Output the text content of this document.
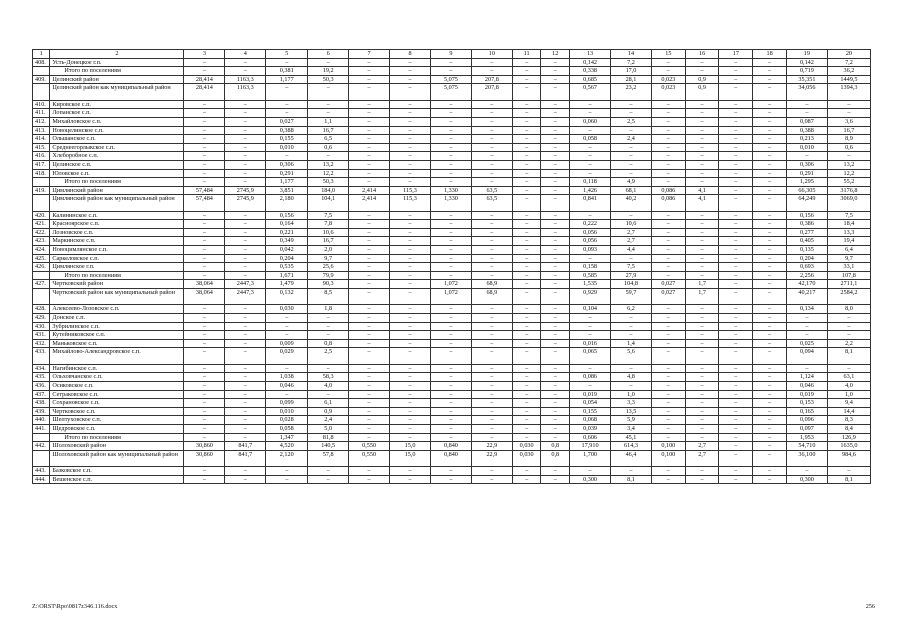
1	2	3	4	5	6	7	8	9	10	11	12	13	14	15	16	17	18	19	20
408.	Усть-Донецкое г.п.	–	–	–	–	–	–	–	–	–	–	0,142	7,2	–	–	–	–	0,142	7,2
	Итого по поселениям	–	–	0,381	19,2	–	–	–	–	–	–	0,338	17,0	–	–	–	–	0,719	36,2
409.	Целинский район	28,414	1163,3	1,177	50,3	–	–	5,075	207,8	–	–	0,685	28,1	0,023	0,9	–	–	35,351	1449,5
	Целинский район как муниципальный район	28,414	1163,3	–	–	–	–	5,075	207,8	–	–	0,567	23,2	0,023	0,9	–	–	34,056	1394,3
410.	Кировское с.п.	–	–	–	–	–	–	–	–	–	–	–	–	–	–	–	–	–	–
411.	Лопанское с.п.	–	–	–	–	–	–	–	–	–	–	–	–	–	–	–	–	–	–
412.	Михайловское с.п.	–	–	0,027	1,1	–	–	–	–	–	–	0,060	2,5	–	–	–	–	0,087	3,6
413.	Новоцелинское с.п.	–	–	0,388	16,7	–	–	–	–	–	–	–	–	–	–	–	–	0,388	16,7
414.	Ольшанское с.п.	–	–	0,155	6,5	–	–	–	–	–	–	0,058	2,4	–	–	–	–	0,213	8,9
415.	Среднеегорлыкское с.п.	–	–	0,010	0,6	–	–	–	–	–	–	–	–	–	–	–	–	0,010	0,6
416.	Хлеборобное с.п.	–	–	–	–	–	–	–	–	–	–	–	–	–	–	–	–	–	–
417.	Целинское с.п.	–	–	0,306	13,2	–	–	–	–	–	–	–	–	–	–	–	–	0,306	13,2
418.	Юловское с.п.	–	–	0,291	12,2	–	–	–	–	–	–	–	–	–	–	–	–	0,291	12,2
	Итого по поселениям	–	–	1,177	50,3	–	–	–	–	–	–	0,118	4,9	–	–	–	–	1,295	55,2
419.	Цимлянский район	57,484	2745,9	3,851	184,0	2,414	115,3	1,330	63,5	–	–	1,426	68,1	0,086	4,1	–	–	66,305	3176,8
	Цимлянский район как муниципальный район	57,484	2745,9	2,180	104,1	2,414	115,3	1,330	63,5	–	–	0,841	40,2	0,086	4,1	–	–	64,249	3069,0
420.	Калининское с.п.	–	–	0,156	7,5	–	–	–	–	–	–	–	–	–	–	–	–	0,156	7,5
421.	Красноярское с.п.	–	–	0,164	7,8	–	–	–	–	–	–	0,222	10,6	–	–	–	–	0,386	18,4
422.	Лозновское с.п.	–	–	0,221	10,6	–	–	–	–	–	–	0,056	2,7	–	–	–	–	0,277	13,3
423.	Маркинское с.п.	–	–	0,349	16,7	–	–	–	–	–	–	0,056	2,7	–	–	–	–	0,405	19,4
424.	Новоцимлянское с.п.	–	–	0,042	2,0	–	–	–	–	–	–	0,093	4,4	–	–	–	–	0,135	6,4
425.	Саркеловское с.п.	–	–	0,204	9,7	–	–	–	–	–	–	–	–	–	–	–	–	0,204	9,7
426.	Цимлянское г.п.	–	–	0,535	25,6	–	–	–	–	–	–	0,158	7,5	–	–	–	–	0,693	33,1
	Итого по поселениям	–	–	1,671	79,9	–	–	–	–	–	–	0,585	27,9	–	–	–	–	2,256	107,8
427.	Чертковский район	38,064	2447,3	1,479	90,3	–	–	1,072	68,9	–	–	1,535	104,8	0,027	1,7	–	–	42,170	2711,1
	Чертковский район как муниципальный район	38,064	2447,3	0,132	8,5	–	–	1,072	68,9	–	–	0,929	59,7	0,027	1,7	–	–	40,217	2584,2
428.	Алексеево-Лозовское с.п.	–	–	0,030	1,8	–	–	–	–	–	–	0,104	6,2	–	–	–	–	0,134	8,0
429.	Донское с.п.	–	–	–	–	–	–	–	–	–	–	–	–	–	–	–	–	–	–
430.	Зубрилинское с.п.	–	–	–	–	–	–	–	–	–	–	–	–	–	–	–	–	–	–
431.	Кутейниковское с.п.	–	–	–	–	–	–	–	–	–	–	–	–	–	–	–	–	–	–
432.	Маньковское с.п.	–	–	0,009	0,8	–	–	–	–	–	–	0,016	1,4	–	–	–	–	0,025	2,2
433.	Михайлово-Александровское с.п.	–	–	0,029	2,5	–	–	–	–	–	–	0,065	5,6	–	–	–	–	0,094	8,1
434.	Нагибинское с.п.	–	–	–	–	–	–	–	–	–	–	–	–	–	–	–	–	–	–
435.	Ольховчанское с.п.	–	–	1,038	58,3	–	–	–	–	–	–	0,086	4,8	–	–	–	–	1,124	63,1
436.	Осиковское с.п.	–	–	0,046	4,0	–	–	–	–	–	–	–	–	–	–	–	–	0,046	4,0
437.	Сетраковское с.п.	–	–	–	–	–	–	–	–	–	–	0,019	1,0	–	–	–	–	0,019	1,0
438.	Сохрановское с.п.	–	–	0,099	6,1	–	–	–	–	–	–	0,054	3,3	–	–	–	–	0,153	9,4
439.	Чертковское с.п.	–	–	0,010	0,9	–	–	–	–	–	–	0,155	13,5	–	–	–	–	0,165	14,4
440.	Шептуховское с.п.	–	–	0,028	2,4	–	–	–	–	–	–	0,068	5,9	–	–	–	–	0,096	8,3
441.	Щедровское с.п.	–	–	0,058	5,0	–	–	–	–	–	–	0,039	3,4	–	–	–	–	0,097	8,4
	Итого по поселениям	–	–	1,347	81,8	–	–	–	–	–	–	0,606	45,1	–	–	–	–	1,953	126,9
442.	Шолоховский район	30,860	841,7	4,520	140,5	0,550	15,0	0,840	22,9	0,030	0,8	17,910	614,3	0,100	2,7	–	–	54,710	1635,0
	Шолоховский район как муниципальный район	30,860	841,7	2,120	57,8	0,550	15,0	0,840	22,9	0,030	0,8	1,700	46,4	0,100	2,7	–	–	36,100	984,6
443.	Базковское с.п.	–	–	–	–	–	–	–	–	–	–	–	–	–	–	–	–	–	–
444.	Вешенское с.п.	–	–	–	–	–	–	–	–	–	–	0,300	8,1	–	–	–	–	0,300	8,1
Z:\ORST\Rpo\0817z346.116.docx	256
